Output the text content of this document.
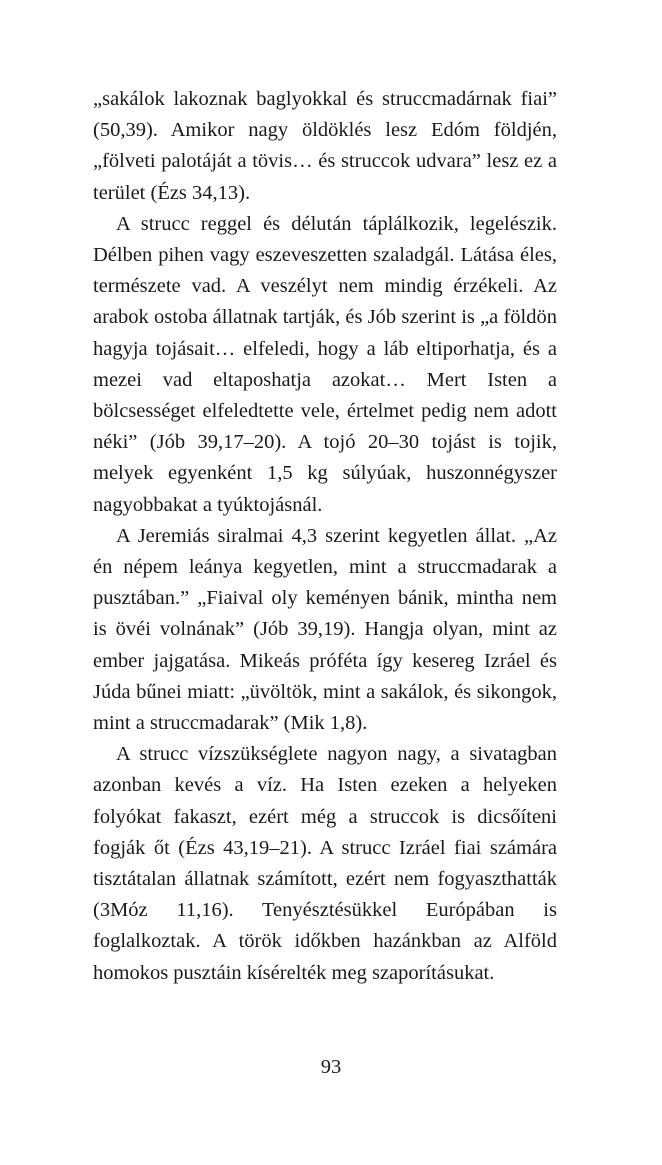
„sakálok lakoznak baglyokkal és struccmadárnak fiai” (50,39). Amikor nagy öldöklés lesz Edóm földjén, „fölveti palotáját a tövis… és struccok udvara” lesz ez a terület (Ézs 34,13).

A strucc reggel és délután táplálkozik, legelészik. Délben pihen vagy eszeveszetten szaladgál. Látása éles, természete vad. A veszélyt nem mindig érzékeli. Az arabok ostoba állatnak tartják, és Jób szerint is „a földön hagyja tojásait… elfeledi, hogy a láb eltiporhatja, és a mezei vad eltaposhatja azokat… Mert Isten a bölcsességet elfeledtette vele, értelmet pedig nem adott néki” (Jób 39,17–20). A tojó 20–30 tojást is tojik, melyek egyenként 1,5 kg súlyúak, huszonnégyszer nagyobbakat a tyúktojásnál.

A Jeremiás siralmai 4,3 szerint kegyetlen állat. „Az én népem leánya kegyetlen, mint a struccmadarak a pusztában.” „Fiaival oly keményen bánik, mintha nem is övéi volnának” (Jób 39,19). Hangja olyan, mint az ember jajgatása. Mikeás próféta így kesereg Izráel és Júda bűnei miatt: „üvöltök, mint a sakálok, és sikongok, mint a struccmadarak” (Mik 1,8).

A strucc vízszükséglete nagyon nagy, a sivatagban azonban kevés a víz. Ha Isten ezeken a helyeken folyókat fakaszt, ezért még a struccok is dicsőíteni fogják őt (Ézs 43,19–21). A strucc Izráel fiai számára tisztátalan állatnak számított, ezért nem fogyaszthatták (3Móz 11,16). Tenyésztésükkel Európában is foglalkoztak. A török időkben hazánkban az Alföld homokos pusztáin kísérelték meg szaporításukat.

93
